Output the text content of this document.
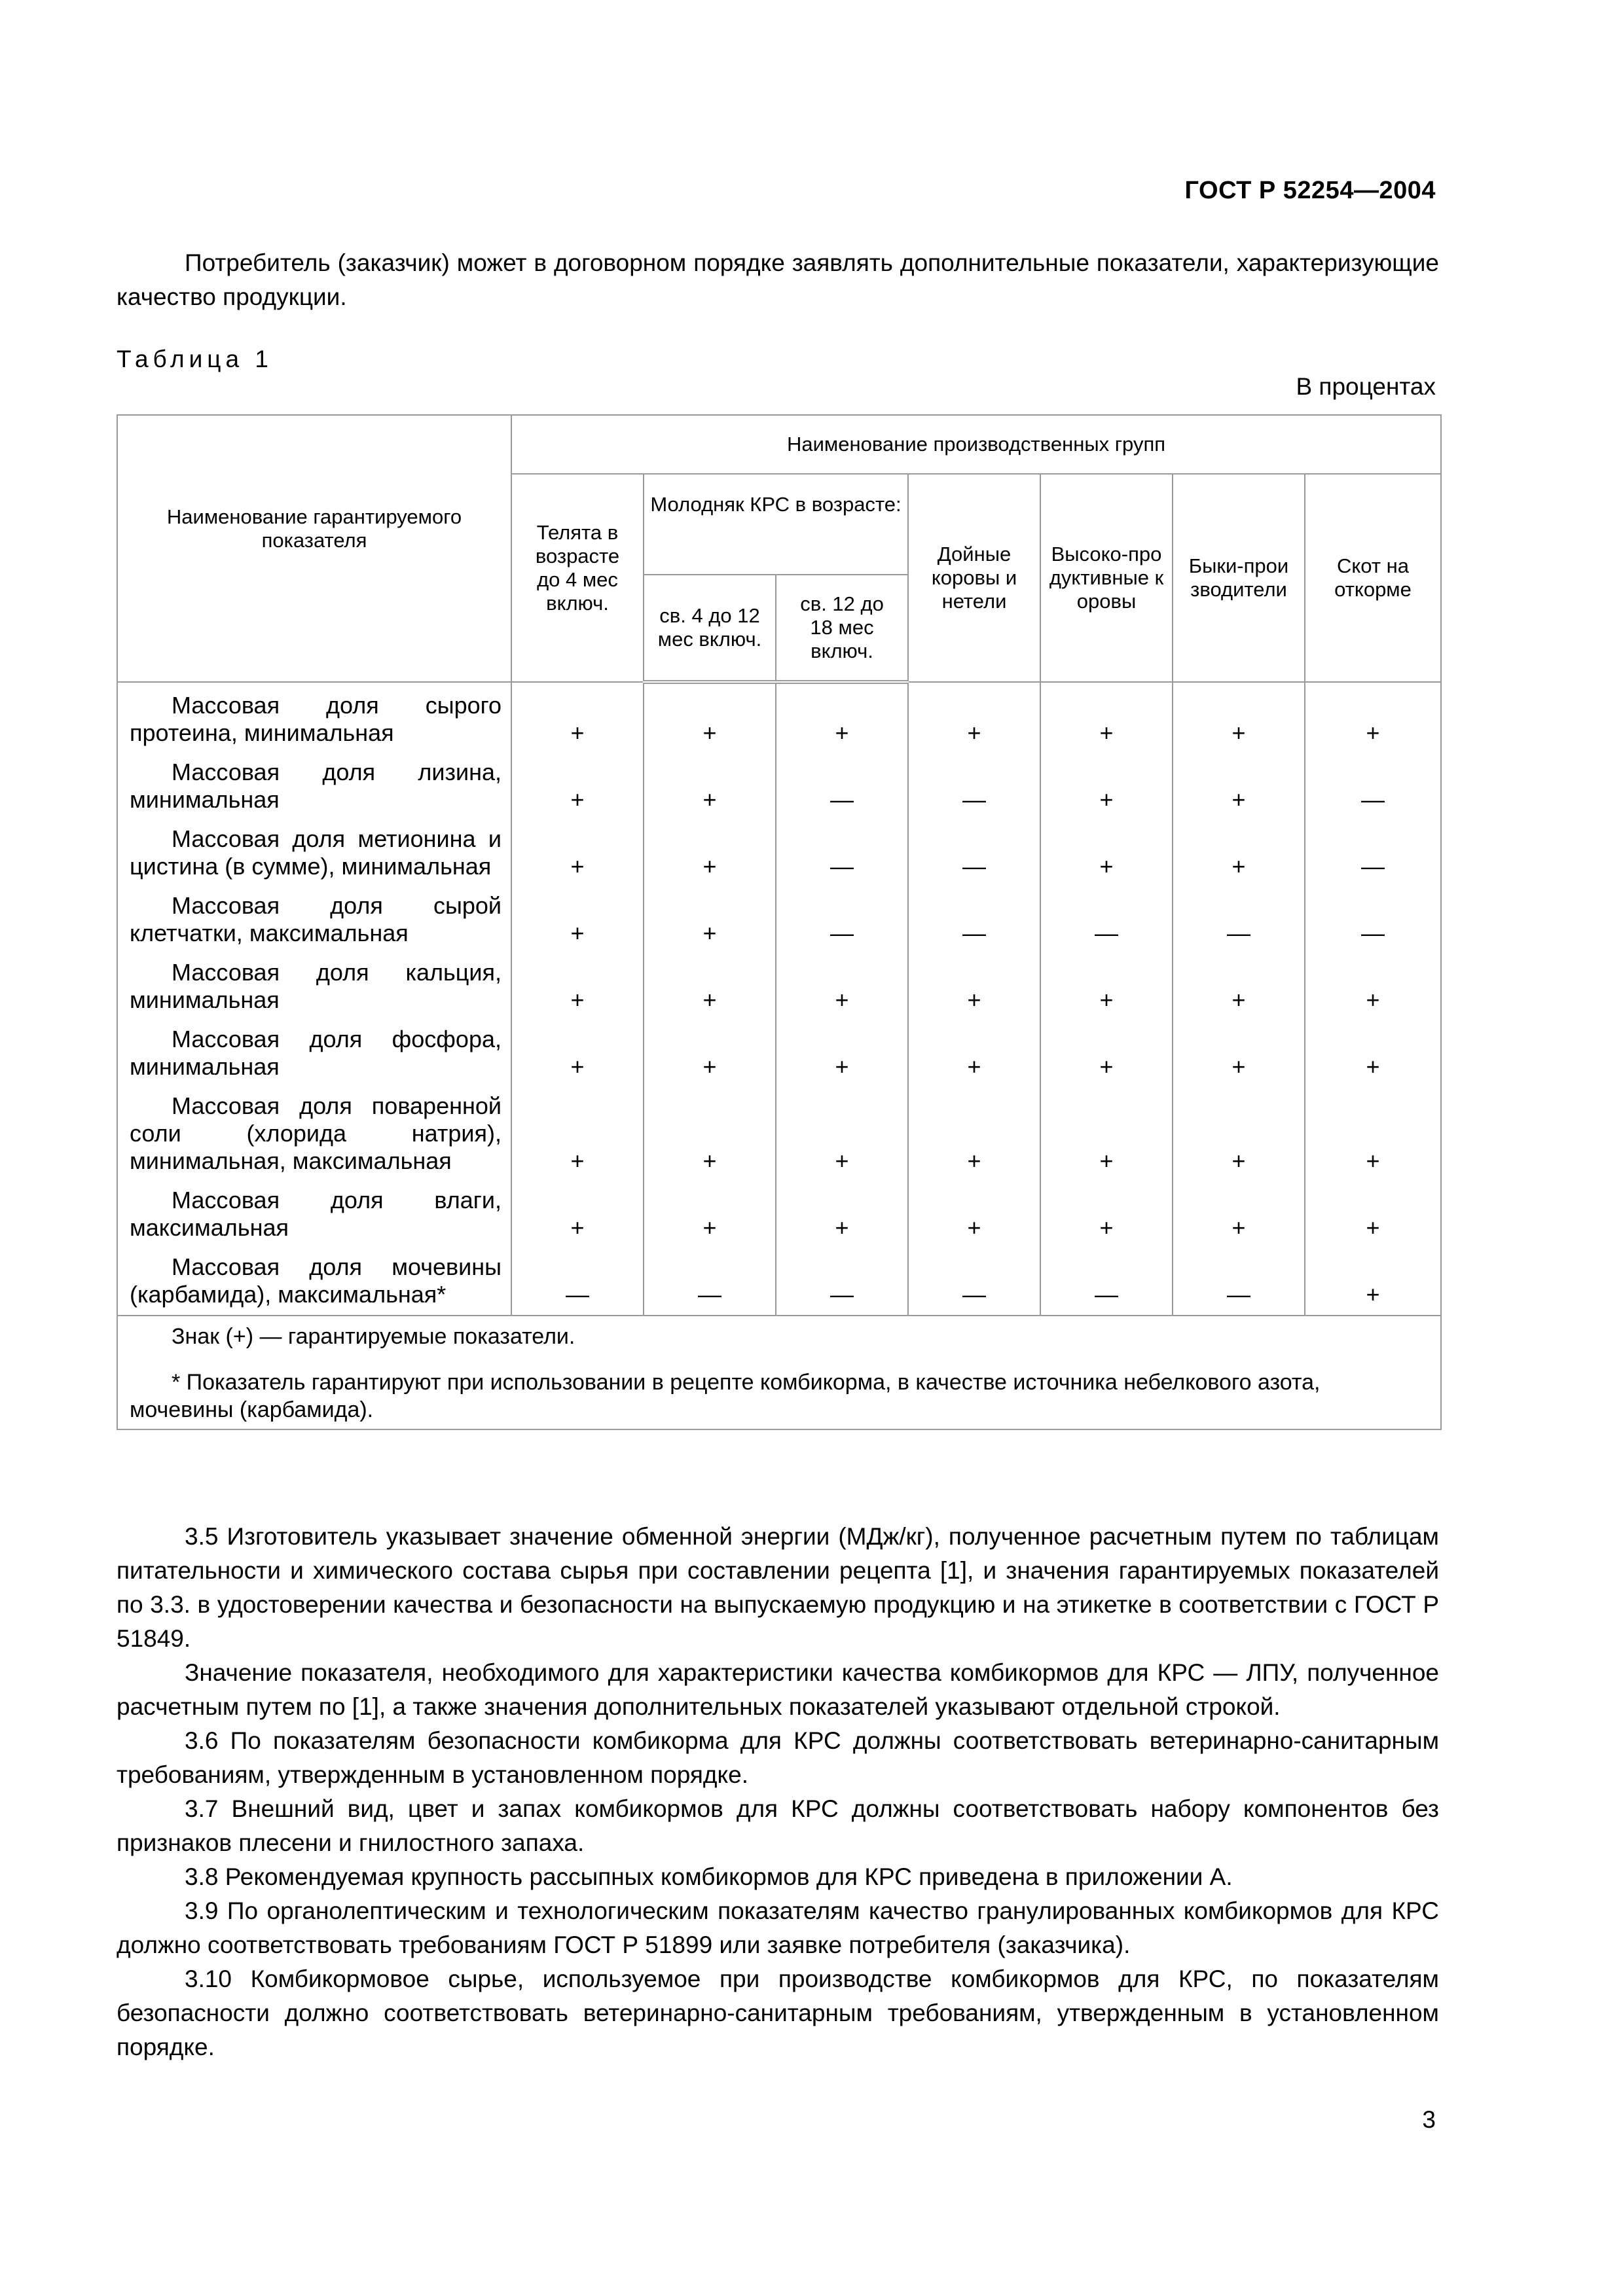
ГОСТ Р 52254—2004

Потребитель (заказчик) может в договорном порядке заявлять дополнительные показатели, характеризующие качество продукции.

Таблица 1
В процентах
Наименование гарантируемого показателя	Наименование производственных групп						

	Телята в возрасте до 4 мес включ.	Молодняк КРС в возрасте:		Дойные коровы и нетели	Высоко-продуктивные коровы	Быки-производители	Скот на откорме

		св. 4 до 12 мес включ.	св. 12 до 18 мес включ.				

Массовая доля сырого протеина, минимальная	+	+	+	+	+	+	+

Массовая доля лизина, минимальная	+	+	—	—	+	+	—

Массовая доля метионина и цистина (в сумме), минимальная	+	+	—	—	+	+	—

Массовая доля сырой клетчатки, максимальная	+	+	—	—	—	—	—

Массовая доля кальция, минимальная	+	+	+	+	+	+	+

Массовая доля фосфора, минимальная	+	+	+	+	+	+	+

Массовая доля поваренной соли (хлорида натрия), минимальная, максимальная	+	+	+	+	+	+	+

Массовая доля влаги, максимальная	+	+	+	+	+	+	+

Массовая доля мочевины (карбамида), максимальная*	—	—	—	—	—	—	+

Знак (+) — гарантируемые показатели.

* Показатель гарантируют при использовании в рецепте комбикорма, в качестве источника небелкового азота, мочевины (карбамида).							

3.5 Изготовитель указывает значение обменной энергии (МДж/кг), полученное расчетным путем по таблицам питательности и химического состава сырья при составлении рецепта [1], и значения гарантируемых показателей по 3.3. в удостоверении качества и безопасности на выпускаемую продукцию и на этикетке в соответствии с ГОСТ Р 51849.

Значение показателя, необходимого для характеристики качества комбикормов для КРС — ЛПУ, полученное расчетным путем по [1], а также значения дополнительных показателей указывают отдельной строкой.

3.6 По показателям безопасности комбикорма для КРС должны соответствовать ветеринарно-санитарным требованиям, утвержденным в установленном порядке.

3.7 Внешний вид, цвет и запах комбикормов для КРС должны соответствовать набору компонентов без признаков плесени и гнилостного запаха.

3.8 Рекомендуемая крупность рассыпных комбикормов для КРС приведена в приложении А.

3.9 По органолептическим и технологическим показателям качество гранулированных комбикормов для КРС должно соответствовать требованиям ГОСТ Р 51899 или заявке потребителя (заказчика).

3.10 Комбикормовое сырье, используемое при производстве комбикормов для КРС, по показателям безопасности должно соответствовать ветеринарно-санитарным требованиям, утвержденным в установленном порядке.

3
